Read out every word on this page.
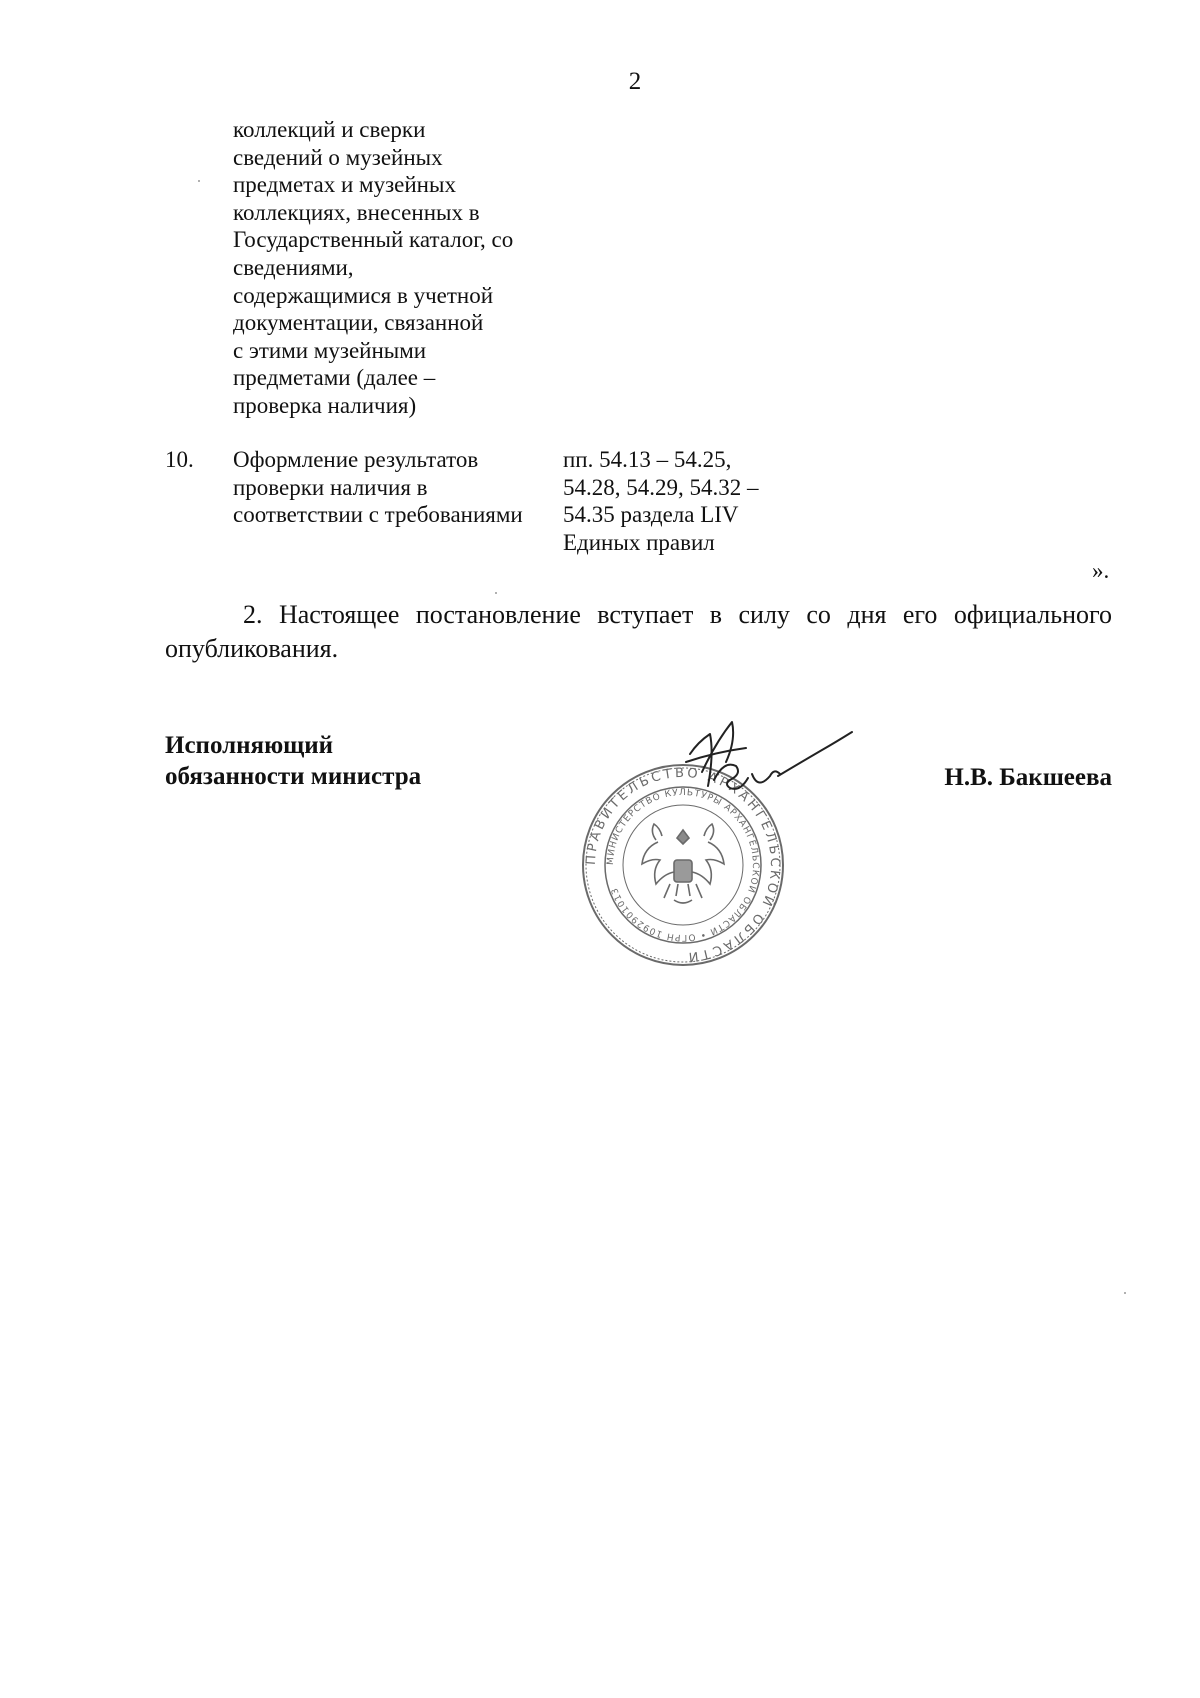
2
коллекций и сверки
сведений о музейных
предметах и музейных
коллекциях, внесенных в
Государственный каталог, со
сведениями,
содержащимися в учетной
документации, связанной
с этими музейными
предметами (далее –
проверка наличия)
10. Оформление результатов
проверки наличия в
соответствии с требованиями
пп. 54.13 – 54.25,
54.28, 54.29, 54.32 –
54.35 раздела LIV
Единых правил
».
2. Настоящее постановление вступает в силу со дня его официального опубликования.
Исполняющий
обязанности министра	Н.В. Бакшеева
ПРАВИТЕЛЬСТВО АРХАНГЕЛЬСКОЙ ОБЛАСТИ
МИНИСТЕРСТВО КУЛЬТУРЫ АРХАНГЕЛЬСКОЙ ОБЛАСТИ • ОГРН 1092901013
